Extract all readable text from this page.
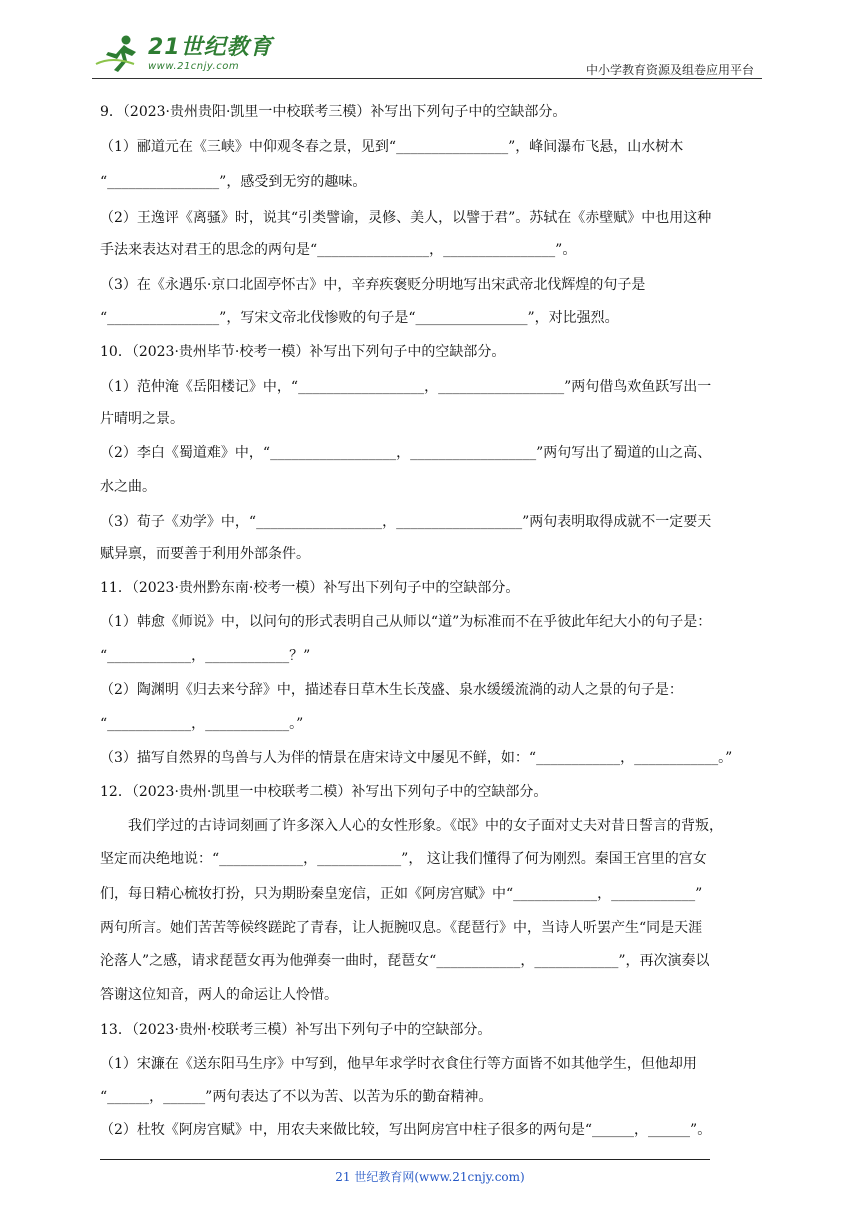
21世纪教育
www.21cnjy.com	中小学教育资源及组卷应用平台
9．（2023·贵州贵阳·凯里一中校联考三模）补写出下列句子中的空缺部分。
（1）郦道元在《三峡》中仰观冬春之景，见到“________________”，峰间瀑布飞悬，山水树木
“________________”，感受到无穷的趣味。
（2）王逸评《离骚》时，说其“引类譬谕，灵修、美人，以譬于君”。苏轼在《赤壁赋》中也用这种
手法来表达对君王的思念的两句是“________________，________________”。
（3）在《永遇乐·京口北固亭怀古》中，辛弃疾褒贬分明地写出宋武帝北伐辉煌的句子是
“________________”，写宋文帝北伐惨败的句子是“________________”，对比强烈。
10．（2023·贵州毕节·校考一模）补写出下列句子中的空缺部分。
（1）范仲淹《岳阳楼记》中，“__________________，__________________”两句借鸟欢鱼跃写出一
片晴明之景。
（2）李白《蜀道难》中，“__________________，__________________”两句写出了蜀道的山之高、
水之曲。
（3）荀子《劝学》中，“__________________，__________________”两句表明取得成就不一定要天
赋异禀，而要善于利用外部条件。
11．（2023·贵州黔东南·校考一模）补写出下列句子中的空缺部分。
（1）韩愈《师说》中，以问句的形式表明自己从师以“道”为标准而不在乎彼此年纪大小的句子是：
“____________，____________？”
（2）陶渊明《归去来兮辞》中，描述春日草木生长茂盛、泉水缓缓流淌的动人之景的句子是：
“____________，____________。”
（3）描写自然界的鸟兽与人为伴的情景在唐宋诗文中屡见不鲜，如：“____________，____________。”
12．（2023·贵州·凯里一中校联考二模）补写出下列句子中的空缺部分。
我们学过的古诗词刻画了许多深入人心的女性形象。《氓》中的女子面对丈夫对昔日誓言的背叛，
坚定而决绝地说：“____________，____________”， 这让我们懂得了何为刚烈。秦国王宫里的宫女
们，每日精心梳妆打扮，只为期盼秦皇宠信，正如《阿房宫赋》中“____________，____________”
两句所言。她们苦苦等候终蹉跎了青春，让人扼腕叹息。《琵琶行》中，当诗人听罢产生“同是天涯
沦落人”之感，请求琵琶女再为他弹奏一曲时，琵琶女“____________，____________”，再次演奏以
答谢这位知音，两人的命运让人怜惜。
13．（2023·贵州·校联考三模）补写出下列句子中的空缺部分。
（1）宋濂在《送东阳马生序》中写到，他早年求学时衣食住行等方面皆不如其他学生，但他却用
“______，______”两句表达了不以为苦、以苦为乐的勤奋精神。
（2）杜牧《阿房宫赋》中，用农夫来做比较，写出阿房宫中柱子很多的两句是“______，______”。
21 世纪教育网(www.21cnjy.com)
